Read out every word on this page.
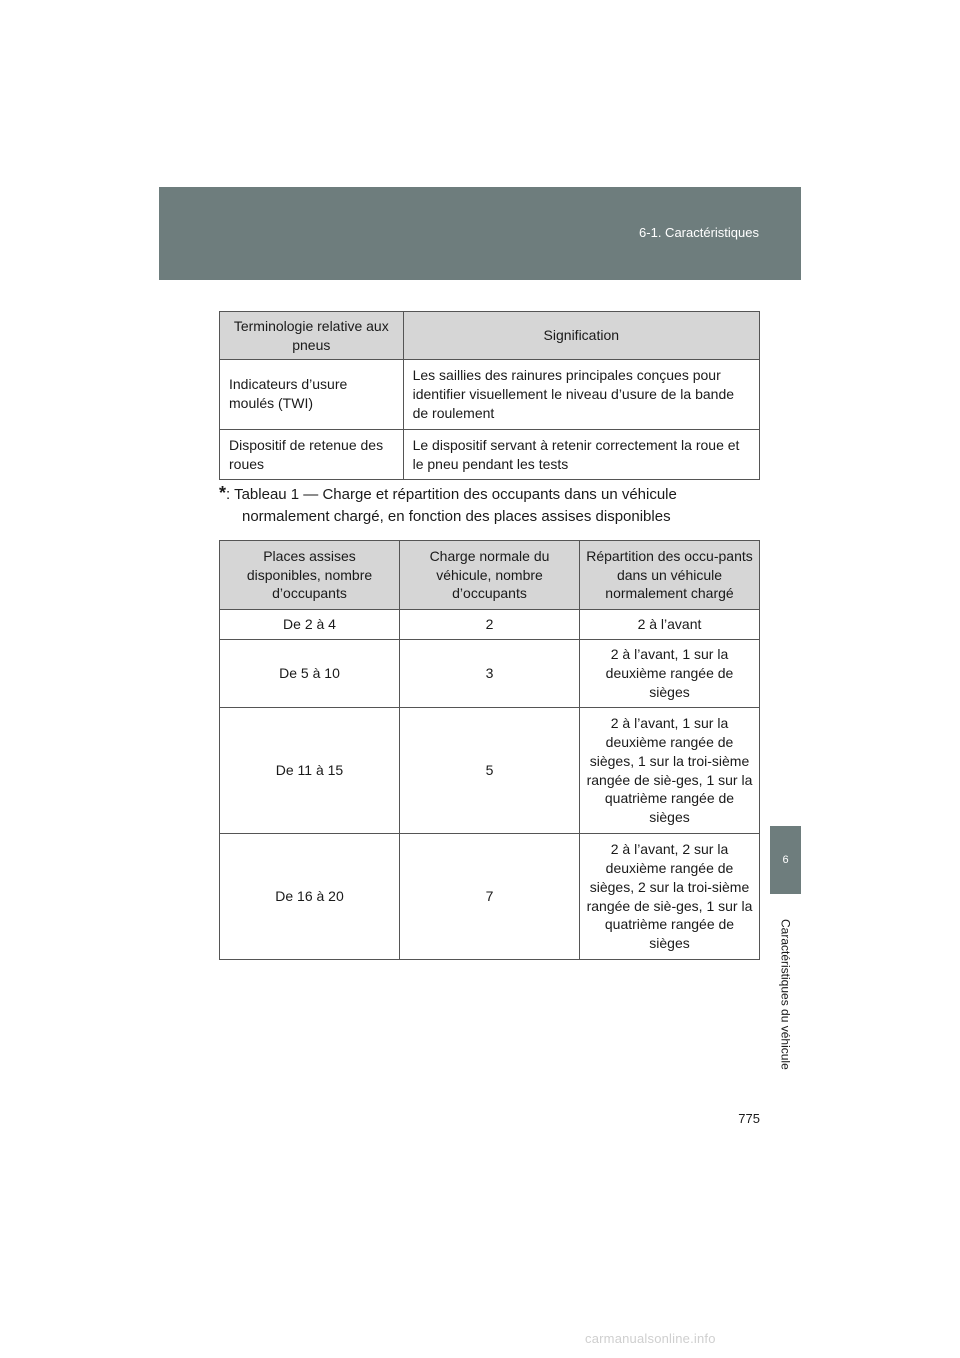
6-1. Caractéristiques
6
Caractéristiques du véhicule
Terminologie relative aux pneus	Signification
Indicateurs d’usure moulés (TWI)	Les saillies des rainures principales conçues pour identifier visuellement le niveau d’usure de la bande de roulement
Dispositif de retenue des roues	Le dispositif servant à retenir correctement la roue et le pneu pendant les tests
*: Tableau 1 — Charge et répartition des occupants dans un véhicule
normalement chargé, en fonction des places assises disponibles
Places assises disponibles, nombre d’occupants	Charge normale du véhicule, nombre d’occupants	Répartition des occu-pants dans un véhicule normalement chargé
De 2 à 4	2	2 à l’avant
De 5 à 10	3	2 à l’avant, 1 sur la deuxième rangée de sièges
De 11 à 15	5	2 à l’avant, 1 sur la deuxième rangée de sièges, 1 sur la troi-sième rangée de siè-ges, 1 sur la quatrième rangée de sièges
De 16 à 20	7	2 à l’avant, 2 sur la deuxième rangée de sièges, 2 sur la troi-sième rangée de siè-ges, 1 sur la quatrième rangée de sièges
775
carmanualsonline.info
